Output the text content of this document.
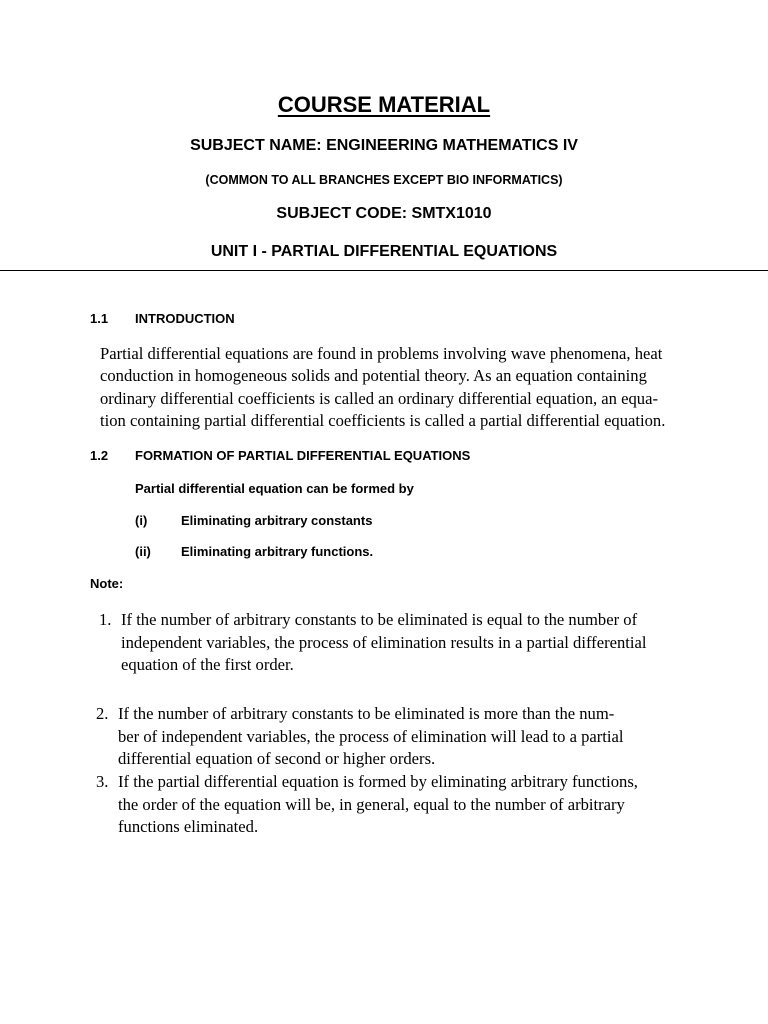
COURSE MATERIAL
SUBJECT NAME: ENGINEERING MATHEMATICS IV
(COMMON TO ALL BRANCHES EXCEPT BIO INFORMATICS)
SUBJECT CODE: SMTX1010
UNIT I - PARTIAL DIFFERENTIAL EQUATIONS
1.1 INTRODUCTION
Partial differential equations are found in problems involving wave phenomena, heat
conduction in homogeneous solids and potential theory. As an equation containing
ordinary differential coefficients is called an ordinary differential equation, an equa-
tion containing partial differential coefficients is called a partial differential equation.
1.2 FORMATION OF PARTIAL DIFFERENTIAL EQUATIONS
Partial differential equation can be formed by
(i)	Eliminating arbitrary constants
(ii) Eliminating arbitrary functions.
Note:
1. If the number of arbitrary constants to be eliminated is equal to the number of
independent variables, the process of elimination results in a partial differential
equation of the first order.
2. If the number of arbitrary constants to be eliminated is more than the num-
ber of independent variables, the process of elimination will lead to a partial
differential equation of second or higher orders.
3. If the partial differential equation is formed by eliminating arbitrary functions,
the order of the equation will be, in general, equal to the number of arbitrary
functions eliminated.
